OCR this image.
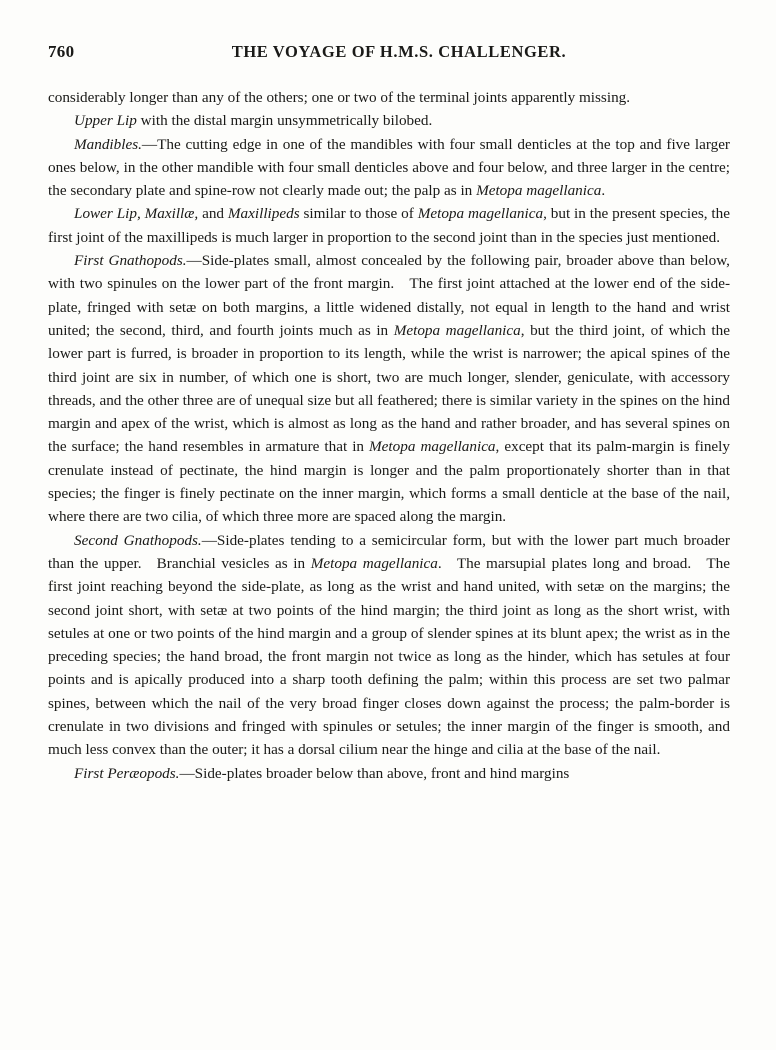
760	THE VOYAGE OF H.M.S. CHALLENGER.

considerably longer than any of the others; one or two of the terminal joints apparently missing.

Upper Lip with the distal margin unsymmetrically bilobed.

Mandibles.—The cutting edge in one of the mandibles with four small denticles at the top and five larger ones below, in the other mandible with four small denticles above and four below, and three larger in the centre; the secondary plate and spine-row not clearly made out; the palp as in Metopa magellanica.

Lower Lip, Maxillæ, and Maxillipeds similar to those of Metopa magellanica, but in the present species, the first joint of the maxillipeds is much larger in proportion to the second joint than in the species just mentioned.

First Gnathopods.—Side-plates small, almost concealed by the following pair, broader above than below, with two spinules on the lower part of the front margin. The first joint attached at the lower end of the side-plate, fringed with setæ on both margins, a little widened distally, not equal in length to the hand and wrist united; the second, third, and fourth joints much as in Metopa magellanica, but the third joint, of which the lower part is furred, is broader in proportion to its length, while the wrist is narrower; the apical spines of the third joint are six in number, of which one is short, two are much longer, slender, geniculate, with accessory threads, and the other three are of unequal size but all feathered; there is similar variety in the spines on the hind margin and apex of the wrist, which is almost as long as the hand and rather broader, and has several spines on the surface; the hand resembles in armature that in Metopa magellanica, except that its palm-margin is finely crenulate instead of pectinate, the hind margin is longer and the palm proportionately shorter than in that species; the finger is finely pectinate on the inner margin, which forms a small denticle at the base of the nail, where there are two cilia, of which three more are spaced along the margin.

Second Gnathopods.—Side-plates tending to a semicircular form, but with the lower part much broader than the upper. Branchial vesicles as in Metopa magellanica. The marsupial plates long and broad. The first joint reaching beyond the side-plate, as long as the wrist and hand united, with setæ on the margins; the second joint short, with setæ at two points of the hind margin; the third joint as long as the short wrist, with setules at one or two points of the hind margin and a group of slender spines at its blunt apex; the wrist as in the preceding species; the hand broad, the front margin not twice as long as the hinder, which has setules at four points and is apically produced into a sharp tooth defining the palm; within this process are set two palmar spines, between which the nail of the very broad finger closes down against the process; the palm-border is crenulate in two divisions and fringed with spinules or setules; the inner margin of the finger is smooth, and much less convex than the outer; it has a dorsal cilium near the hinge and cilia at the base of the nail.

First Peræopods.—Side-plates broader below than above, front and hind margins
